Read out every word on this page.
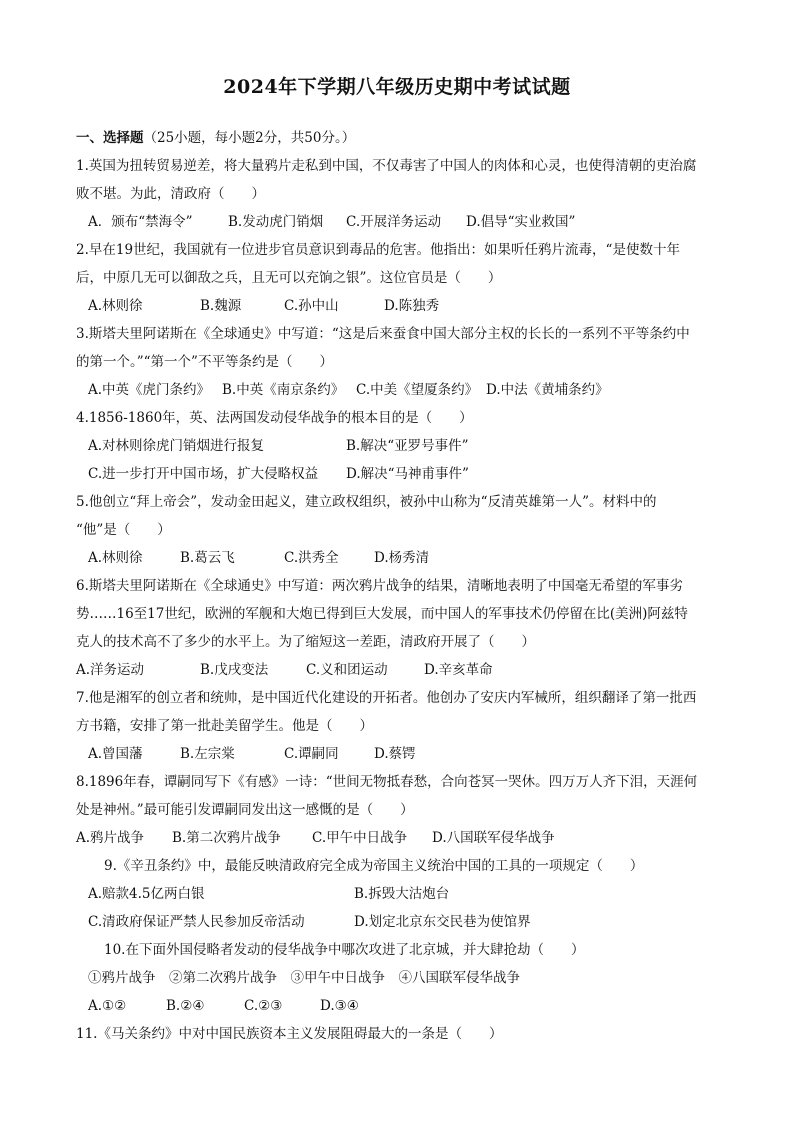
2024年下学期八年级历史期中考试试题
一、选择题（25小题，每小题2分，共50分。）
1.英国为扭转贸易逆差，将大量鸦片走私到中国，不仅毒害了中国人的肉体和心灵，也使得清朝的吏治腐
败不堪。为此，清政府（　　）
A．颁布“禁海令”	B.发动虎门销烟 C.开展洋务运动 D.倡导“实业救国”
2.早在19世纪，我国就有一位进步官员意识到毒品的危害。他指出：如果听任鸦片流毒，“是使数十年
后，中原几无可以御敌之兵，且无可以充饷之银”。这位官员是（　　）
A.林则徐	B.魏源	C.孙中山	D.陈独秀
3.斯塔夫里阿诺斯在《全球通史》中写道：“这是后来蚕食中国大部分主权的长长的一系列不平等条约中
的第一个。”“第一个”不平等条约是（　　）
A.中英《虎门条约》 B.中英《南京条约》 C.中美《望厦条约》 D.中法《黄埔条约》
4.1856-1860年，英、法两国发动侵华战争的根本目的是（　　）
A.对林则徐虎门销烟进行报复	B.解决“亚罗号事件”
C.进一步打开中国市场，扩大侵略权益 D.解决“马神甫事件”
5.他创立“拜上帝会”，发动金田起义，建立政权组织，被孙中山称为“反清英雄第一人”。材料中的
“他”是（　　）
A.林则徐	B.葛云飞	C.洪秀全	D.杨秀清
6.斯塔夫里阿诺斯在《全球通史》中写道：两次鸦片战争的结果，清晰地表明了中国毫无希望的军事劣
势……16至17世纪，欧洲的军舰和大炮已得到巨大发展，而中国人的军事技术仍停留在比(美洲)阿兹特
克人的技术高不了多少的水平上。为了缩短这一差距，清政府开展了（　　）
A.洋务运动	B.戊戌变法	C.义和团运动	D.辛亥革命
7.他是湘军的创立者和统帅，是中国近代化建设的开拓者。他创办了安庆内军械所，组织翻译了第一批西
方书籍，安排了第一批赴美留学生。他是（　　）
A.曾国藩	B.左宗棠	C.谭嗣同	D.蔡锷
8.1896年春，谭嗣同写下《有感》一诗：“世间无物抵春愁，合向苍冥一哭休。四万万人齐下泪，天涯何
处是神州。”最可能引发谭嗣同发出这一感慨的是（　　）
A.鸦片战争 B.第二次鸦片战争 C.甲午中日战争 D.八国联军侵华战争
9.《辛丑条约》中，最能反映清政府完全成为帝国主义统治中国的工具的一项规定（　　）
A.赔款4.5亿两白银	B.拆毁大沽炮台
C.清政府保证严禁人民参加反帝活动	D.划定北京东交民巷为使馆界
10.在下面外国侵略者发动的侵华战争中哪次攻进了北京城，并大肆抢劫（　　）
①鸦片战争　②第二次鸦片战争　③甲午中日战争　④八国联军侵华战争
A.①②	B.②④	C.②③	D.③④
11.《马关条约》中对中国民族资本主义发展阻碍最大的一条是（　　）
